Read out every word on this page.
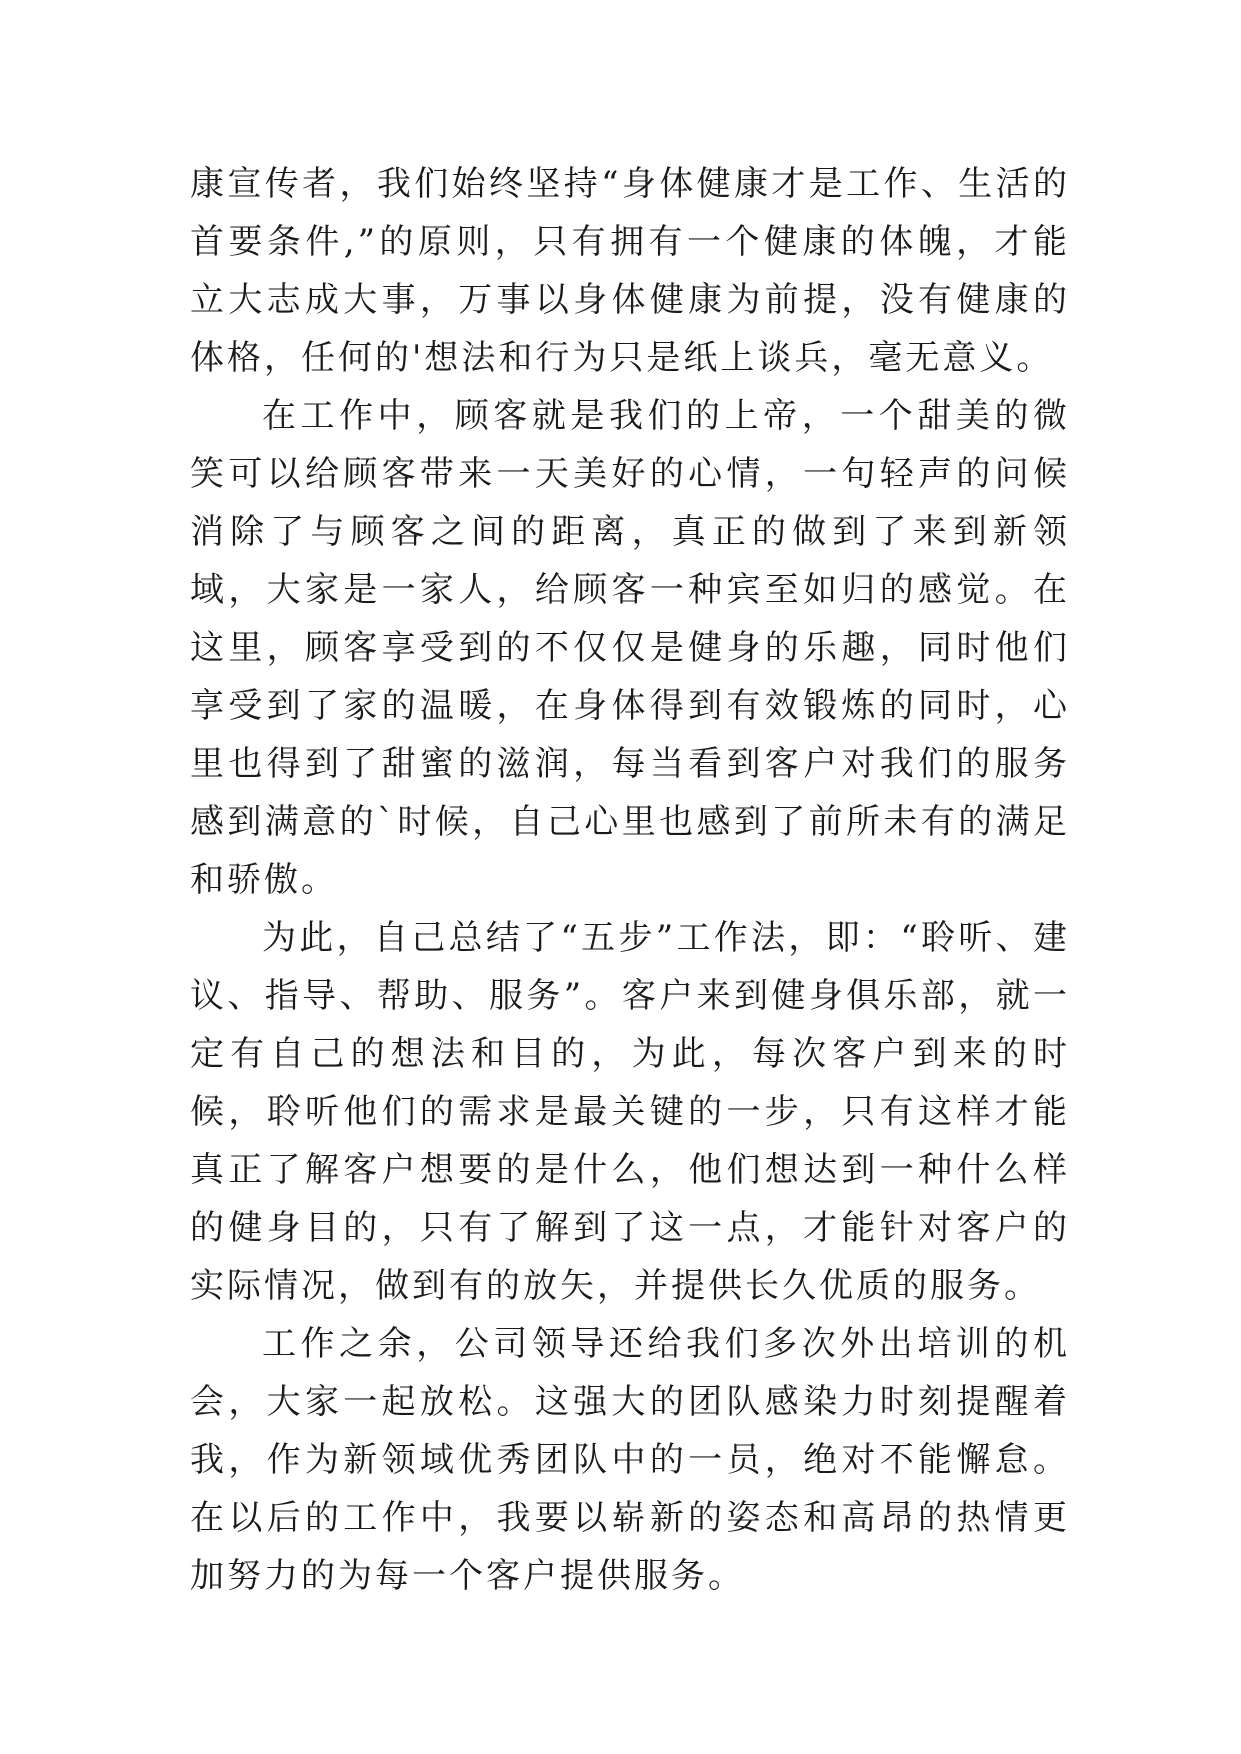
康宣传者，我们始终坚持“身体健康才是工作、生活的首要条件,”的原则，只有拥有一个健康的体魄，才能立大志成大事，万事以身体健康为前提，没有健康的体格，任何的'想法和行为只是纸上谈兵，毫无意义。

在工作中，顾客就是我们的上帝，一个甜美的微笑可以给顾客带来一天美好的心情，一句轻声的问候消除了与顾客之间的距离，真正的做到了来到新领域，大家是一家人，给顾客一种宾至如归的感觉。在这里，顾客享受到的不仅仅是健身的乐趣，同时他们享受到了家的温暖，在身体得到有效锻炼的同时，心里也得到了甜蜜的滋润，每当看到客户对我们的服务感到满意的`时候，自己心里也感到了前所未有的满足和骄傲。

为此，自己总结了“五步”工作法，即：“聆听、建议、指导、帮助、服务”。客户来到健身俱乐部，就一定有自己的想法和目的，为此，每次客户到来的时候，聆听他们的需求是最关键的一步，只有这样才能真正了解客户想要的是什么，他们想达到一种什么样的健身目的，只有了解到了这一点，才能针对客户的实际情况，做到有的放矢，并提供长久优质的服务。

工作之余，公司领导还给我们多次外出培训的机会，大家一起放松。这强大的团队感染力时刻提醒着我，作为新领域优秀团队中的一员，绝对不能懈怠。在以后的工作中，我要以崭新的姿态和高昂的热情更加努力的为每一个客户提供服务。
